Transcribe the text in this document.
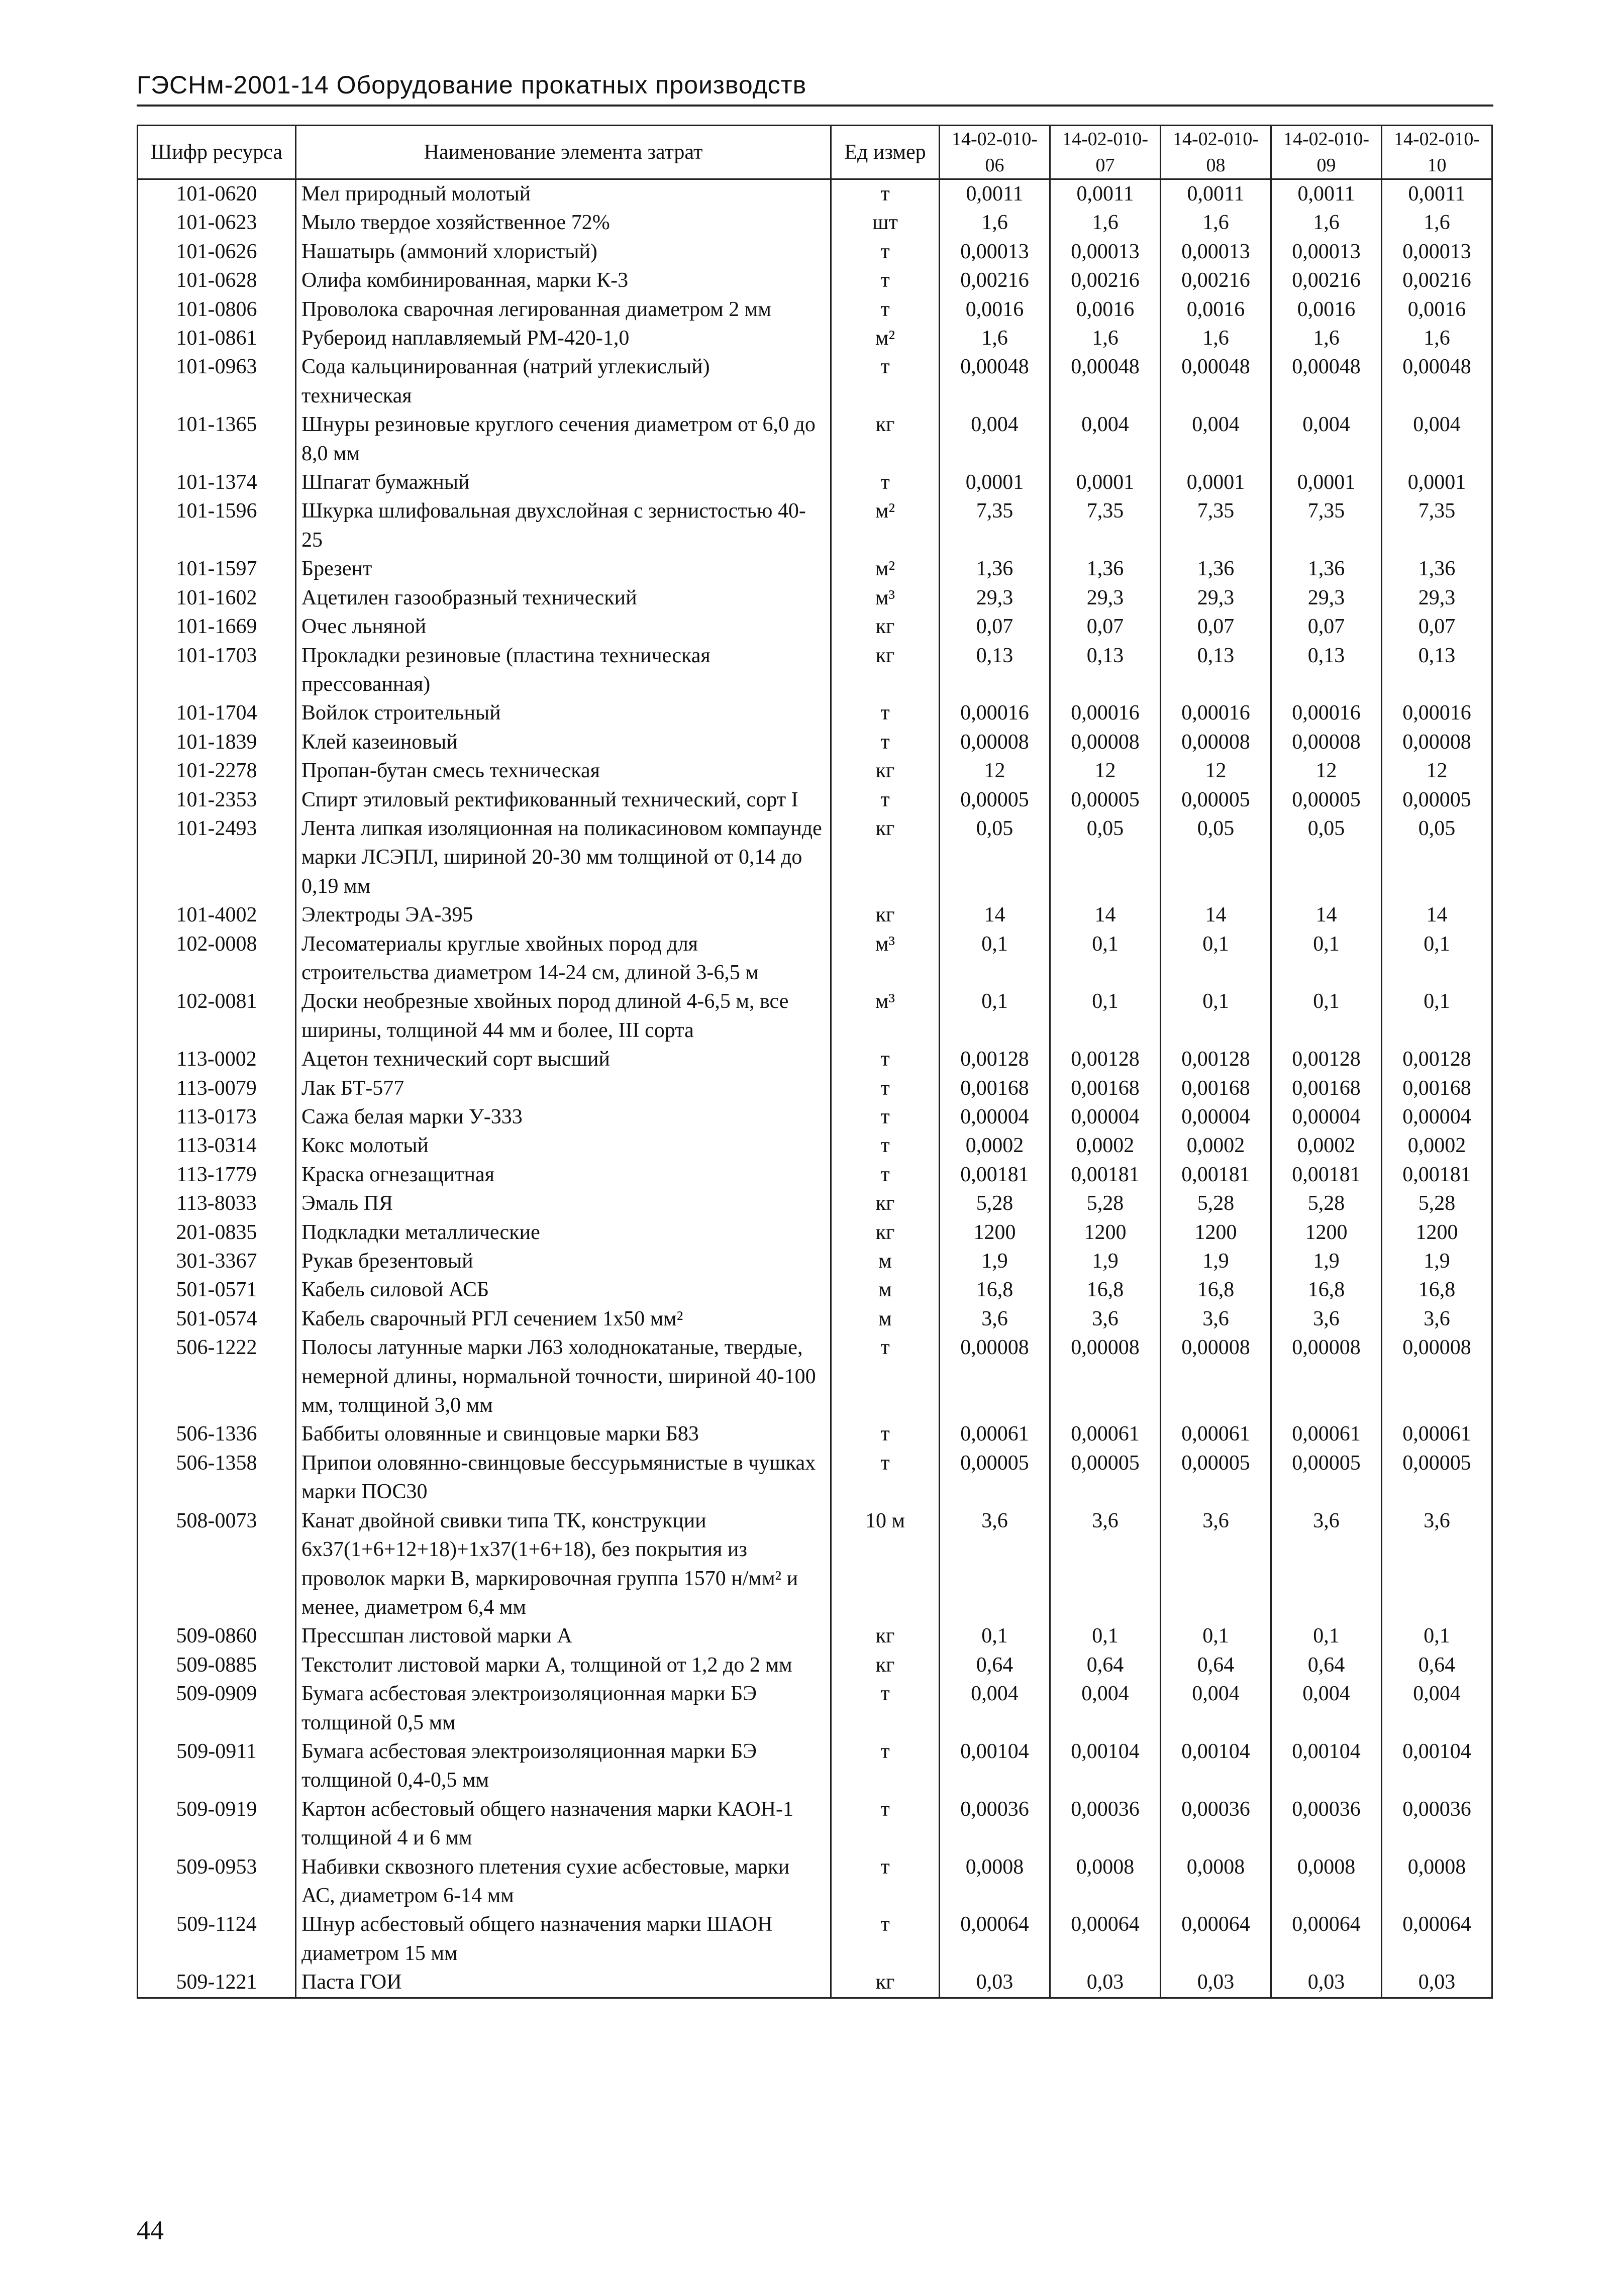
ГЭСНм-2001-14 Оборудование прокатных производств
Шифр ресурса	Наименование элемента затрат	Ед измер	14-02-010-06	14-02-010-07	14-02-010-08	14-02-010-09	14-02-010-10
101-0620	Мел природный молотый	т	0,0011	0,0011	0,0011	0,0011	0,0011
101-0623	Мыло твердое хозяйственное 72%	шт	1,6	1,6	1,6	1,6	1,6
101-0626	Нашатырь (аммоний хлористый)	т	0,00013	0,00013	0,00013	0,00013	0,00013
101-0628	Олифа комбинированная, марки К-3	т	0,00216	0,00216	0,00216	0,00216	0,00216
101-0806	Проволока сварочная легированная диаметром 2 мм	т	0,0016	0,0016	0,0016	0,0016	0,0016
101-0861	Рубероид наплавляемый РМ-420-1,0	м²	1,6	1,6	1,6	1,6	1,6
101-0963	Сода кальцинированная (натрий углекислый) техническая	т	0,00048	0,00048	0,00048	0,00048	0,00048
101-1365	Шнуры резиновые круглого сечения диаметром от 6,0 до 8,0 мм	кг	0,004	0,004	0,004	0,004	0,004
101-1374	Шпагат бумажный	т	0,0001	0,0001	0,0001	0,0001	0,0001
101-1596	Шкурка шлифовальная двухслойная с зернистостью 40-25	м²	7,35	7,35	7,35	7,35	7,35
101-1597	Брезент	м²	1,36	1,36	1,36	1,36	1,36
101-1602	Ацетилен газообразный технический	м³	29,3	29,3	29,3	29,3	29,3
101-1669	Очес льняной	кг	0,07	0,07	0,07	0,07	0,07
101-1703	Прокладки резиновые (пластина техническая прессованная)	кг	0,13	0,13	0,13	0,13	0,13
101-1704	Войлок строительный	т	0,00016	0,00016	0,00016	0,00016	0,00016
101-1839	Клей казеиновый	т	0,00008	0,00008	0,00008	0,00008	0,00008
101-2278	Пропан-бутан смесь техническая	кг	12	12	12	12	12
101-2353	Спирт этиловый ректификованный технический, сорт I	т	0,00005	0,00005	0,00005	0,00005	0,00005
101-2493	Лента липкая изоляционная на поликасиновом компаунде марки ЛСЭПЛ, шириной 20-30 мм толщиной от 0,14 до 0,19 мм	кг	0,05	0,05	0,05	0,05	0,05
101-4002	Электроды ЭА-395	кг	14	14	14	14	14
102-0008	Лесоматериалы круглые хвойных пород для строительства диаметром 14-24 см, длиной 3-6,5 м	м³	0,1	0,1	0,1	0,1	0,1
102-0081	Доски необрезные хвойных пород длиной 4-6,5 м, все ширины, толщиной 44 мм и более, III сорта	м³	0,1	0,1	0,1	0,1	0,1
113-0002	Ацетон технический сорт высший	т	0,00128	0,00128	0,00128	0,00128	0,00128
113-0079	Лак БТ-577	т	0,00168	0,00168	0,00168	0,00168	0,00168
113-0173	Сажа белая марки У-333	т	0,00004	0,00004	0,00004	0,00004	0,00004
113-0314	Кокс молотый	т	0,0002	0,0002	0,0002	0,0002	0,0002
113-1779	Краска огнезащитная	т	0,00181	0,00181	0,00181	0,00181	0,00181
113-8033	Эмаль ПЯ	кг	5,28	5,28	5,28	5,28	5,28
201-0835	Подкладки металлические	кг	1200	1200	1200	1200	1200
301-3367	Рукав брезентовый	м	1,9	1,9	1,9	1,9	1,9
501-0571	Кабель силовой АСБ	м	16,8	16,8	16,8	16,8	16,8
501-0574	Кабель сварочный РГЛ сечением 1х50 мм²	м	3,6	3,6	3,6	3,6	3,6
506-1222	Полосы латунные марки Л63 холоднокатаные, твердые, немерной длины, нормальной точности, шириной 40-100 мм, толщиной 3,0 мм	т	0,00008	0,00008	0,00008	0,00008	0,00008
506-1336	Баббиты оловянные и свинцовые марки Б83	т	0,00061	0,00061	0,00061	0,00061	0,00061
506-1358	Припои оловянно-свинцовые бессурьмянистые в чушках марки ПОС30	т	0,00005	0,00005	0,00005	0,00005	0,00005
508-0073	Канат двойной свивки типа ТК, конструкции 6х37(1+6+12+18)+1х37(1+6+18), без покрытия из проволок марки В, маркировочная группа 1570 н/мм² и менее, диаметром 6,4 мм	10 м	3,6	3,6	3,6	3,6	3,6
509-0860	Прессшпан листовой марки А	кг	0,1	0,1	0,1	0,1	0,1
509-0885	Текстолит листовой марки А, толщиной от 1,2 до 2 мм	кг	0,64	0,64	0,64	0,64	0,64
509-0909	Бумага асбестовая электроизоляционная марки БЭ толщиной 0,5 мм	т	0,004	0,004	0,004	0,004	0,004
509-0911	Бумага асбестовая электроизоляционная марки БЭ толщиной 0,4-0,5 мм	т	0,00104	0,00104	0,00104	0,00104	0,00104
509-0919	Картон асбестовый общего назначения марки КАОН-1 толщиной 4 и 6 мм	т	0,00036	0,00036	0,00036	0,00036	0,00036
509-0953	Набивки сквозного плетения сухие асбестовые, марки АС, диаметром 6-14 мм	т	0,0008	0,0008	0,0008	0,0008	0,0008
509-1124	Шнур асбестовый общего назначения марки ШАОН диаметром 15 мм	т	0,00064	0,00064	0,00064	0,00064	0,00064
509-1221	Паста ГОИ	кг	0,03	0,03	0,03	0,03	0,03
44
